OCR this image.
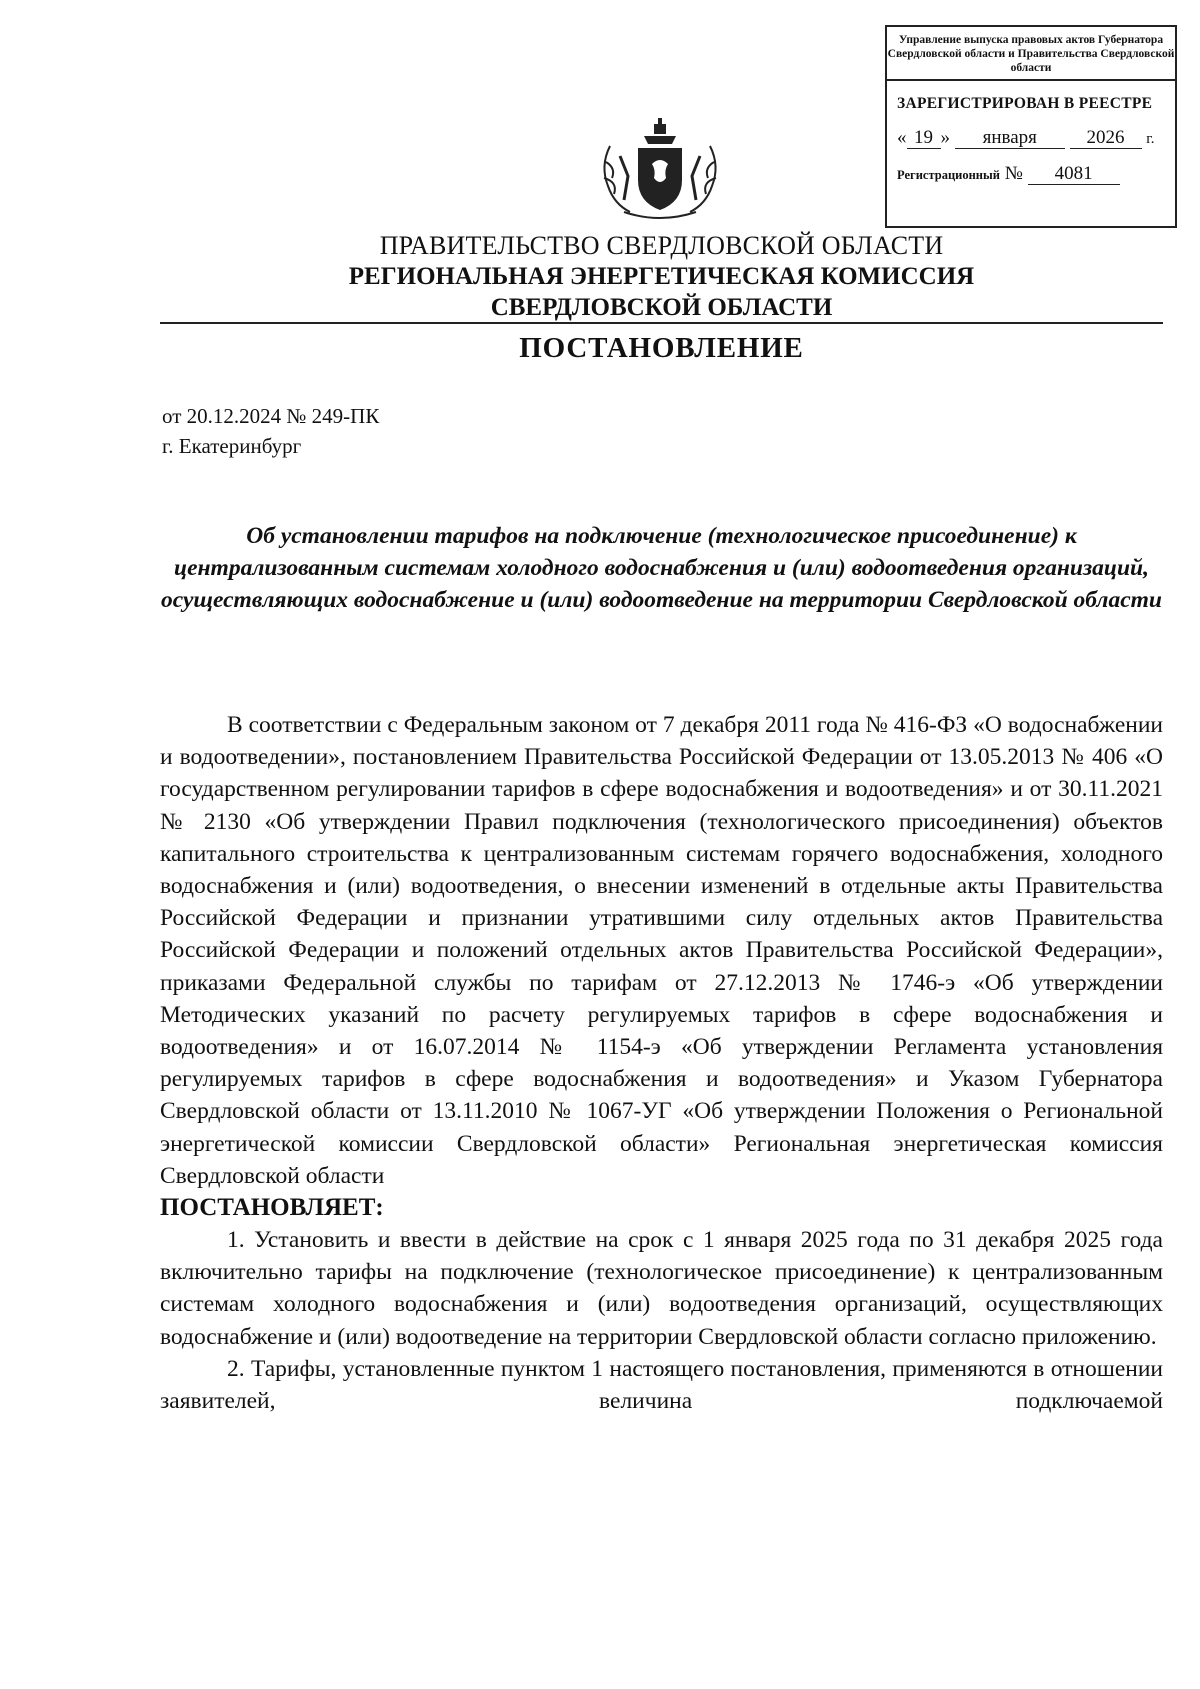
Управление выпуска правовых актов Губернатора Свердловской области и Правительства Свердловской области
ЗАРЕГИСТРИРОВАН В РЕЕСТРЕ
« 19 » января	2026 г.
Регистрационный № 4081
ПРАВИТЕЛЬСТВО СВЕРДЛОВСКОЙ ОБЛАСТИ
РЕГИОНАЛЬНАЯ ЭНЕРГЕТИЧЕСКАЯ КОМИССИЯ
СВЕРДЛОВСКОЙ ОБЛАСТИ
ПОСТАНОВЛЕНИЕ
от 20.12.2024 № 249-ПК
г. Екатеринбург
Об установлении тарифов на подключение (технологическое присоединение) к централизованным системам холодного водоснабжения и (или) водоотведения организаций, осуществляющих водоснабжение и (или) водоотведение на территории Свердловской области

В соответствии с Федеральным законом от 7 декабря 2011 года № 416-ФЗ «О водоснабжении и водоотведении», постановлением Правительства Российской Федерации от 13.05.2013 № 406 «О государственном регулировании тарифов в сфере водоснабжения и водоотведения» и от 30.11.2021 № 2130 «Об утверждении Правил подключения (технологического присоединения) объектов капитального строительства к централизованным системам горячего водоснабжения, холодного водоснабжения и (или) водоотведения, о внесении изменений в отдельные акты Правительства Российской Федерации и признании утратившими силу отдельных актов Правительства Российской Федерации и положений отдельных актов Правительства Российской Федерации», приказами Федеральной службы по тарифам от 27.12.2013 № 1746-э «Об утверждении Методических указаний по расчету регулируемых тарифов в сфере водоснабжения и водоотведения» и от 16.07.2014 № 1154-э «Об утверждении Регламента установления регулируемых тарифов в сфере водоснабжения и водоотведения» и Указом Губернатора Свердловской области от 13.11.2010 № 1067-УГ «Об утверждении Положения о Региональной энергетической комиссии Свердловской области» Региональная энергетическая комиссия Свердловской области

ПОСТАНОВЛЯЕТ:

1. Установить и ввести в действие на срок с 1 января 2025 года по 31 декабря 2025 года включительно тарифы на подключение (технологическое присоединение) к централизованным системам холодного водоснабжения и (или) водоотведения организаций, осуществляющих водоснабжение и (или) водоотведение на территории Свердловской области согласно приложению.

2. Тарифы, установленные пунктом 1 настоящего постановления, применяются в отношении заявителей, величина подключаемой
